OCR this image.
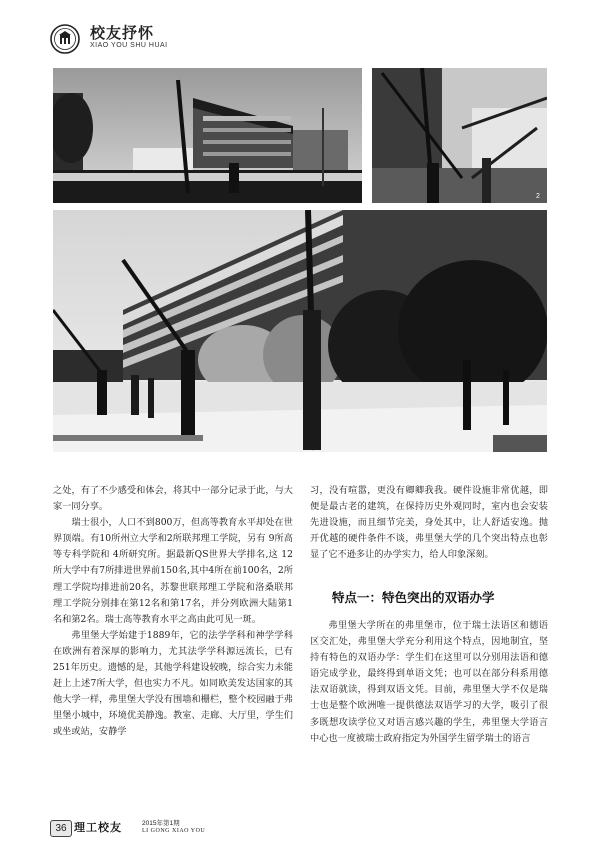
校友抒怀
XIAO YOU SHU HUAI
2

之处，有了不少感受和体会，将其中一部分记录于此，与大家一同分享。

瑞士很小，人口不到800万，但高等教育水平却处在世界顶端。有10所州立大学和2所联邦理工学院，另有 9所高等专科学院和 4所研究所。据最新QS世界大学排名,这 12所大学中有7所排进世界前150名,其中4所在前100名，2所理工学院均排进前20名，苏黎世联邦理工学院和洛桑联邦理工学院分别排在第12名和第17名，并分列欧洲大陆第1名和第2名。瑞士高等教育水平之高由此可见一斑。

弗里堡大学始建于1889年，它的法学学科和神学学科在欧洲有着深厚的影响力，尤其法学学科源远流长，已有251年历史。遗憾的是，其他学科建设较晚，综合实力未能赶上上述7所大学，但也实力不凡。如同欧美发达国家的其他大学一样，弗里堡大学没有围墙和栅栏，整个校园融于弗里堡小城中，环境优美静逸。教室、走廊、大厅里，学生们或坐或站，安静学

习，没有喧嚣，更没有卿卿我我。硬件设施非常优越，即便是最古老的建筑，在保持历史外观同时，室内也会安装先进设施，而且细节完美，身处其中，让人舒适安逸。抛开优越的硬件条件不谈，弗里堡大学的几个突出特点也彰显了它不逊多让的办学实力，给人印象深刻。

特点一：特色突出的双语办学

弗里堡大学所在的弗里堡市，位于瑞士法语区和德语区交汇处，弗里堡大学充分利用这个特点，因地制宜，坚持有特色的双语办学：学生们在这里可以分别用法语和德语完成学业，最终得到单语文凭；也可以在部分科系用德法双语就读，得到双语文凭。目前，弗里堡大学不仅是瑞士也是整个欧洲唯一提供德法双语学习的大学，吸引了很多既想攻读学位又对语言感兴趣的学生，弗里堡大学语言中心也一度被瑞士政府指定为外国学生留学瑞士的语言

36 理工校友	2015年第1期
LI GONG XIAO YOU
